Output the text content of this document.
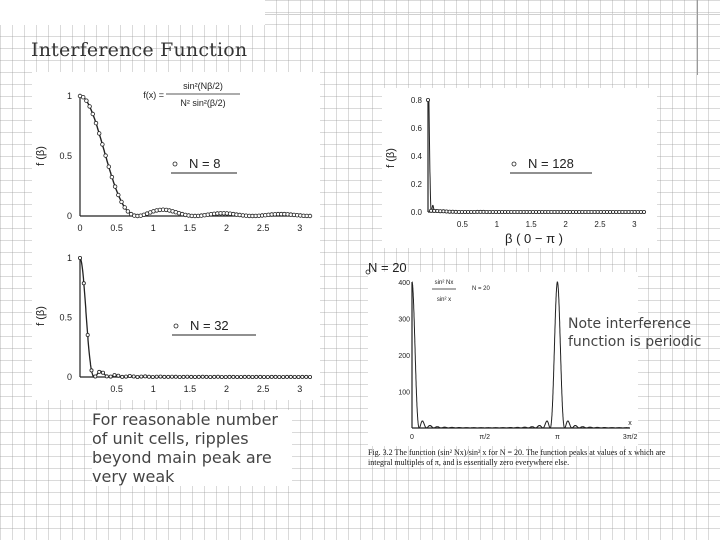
Interference Function
0	0.5	1	1.5	2	2.5	3
1
0.5
0
f (β)	N = 8
sin²(Nβ/2)
N² sin²(β/2)
f(x) =
0.5	1	1.5	2	2.5	3
0.8
0.6
0.4
0.2
0.0
f (β)	N = 128
β ( 0 − π )
0.5	1	1.5	2	2.5	3
1
0.5
0
f (β)	N = 32
0	π/2	π	3π/2
400
300
200
100
N = 20
sin² Nx
sin² x
N = 20
x
For reasonable number of unit cells, ripples beyond main peak are very weak
Note interference function is periodic
Fig. 3.2 The function (sin² Nx)/sin² x for N = 20. The function peaks at values of x which are integral multiples of π, and is essentially zero everywhere else.
